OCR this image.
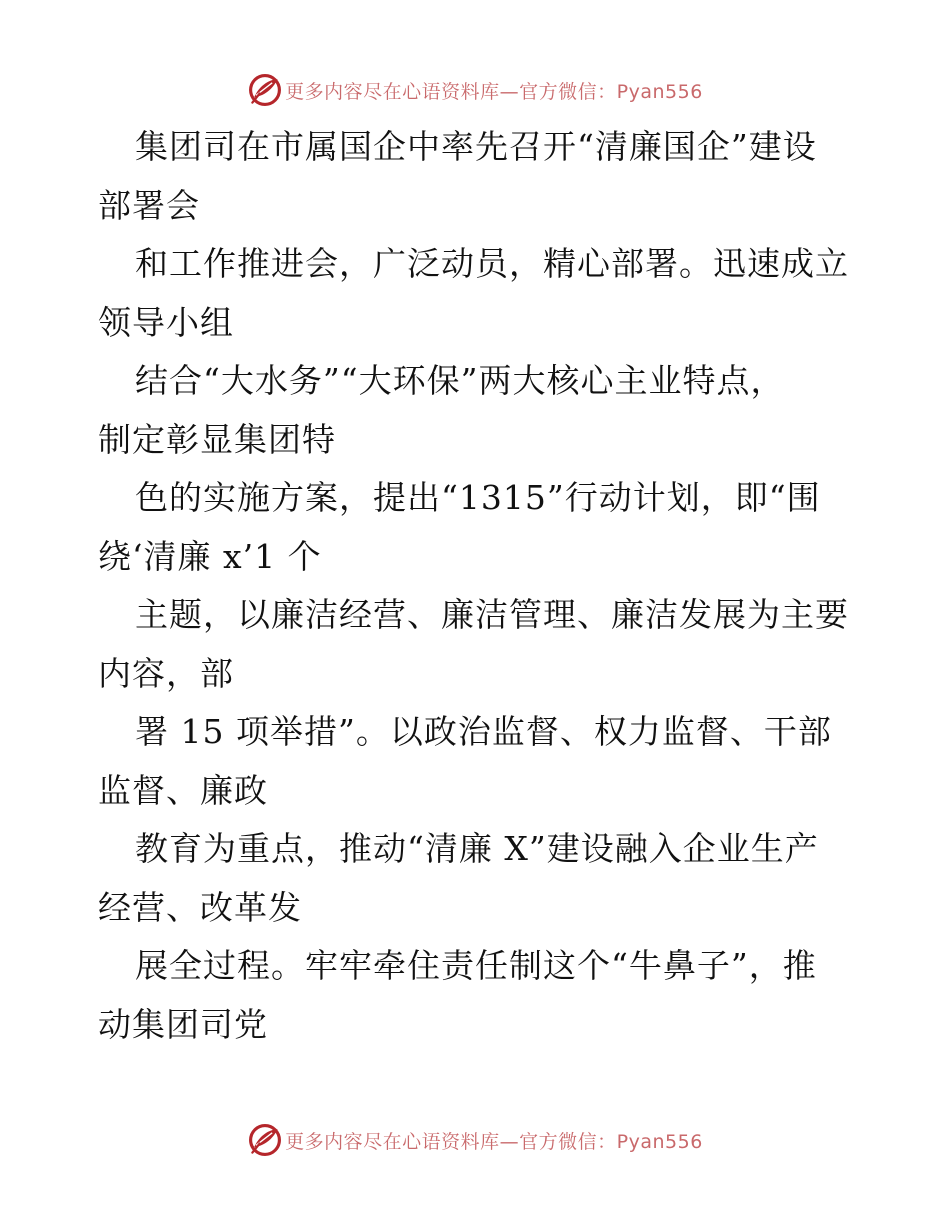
更多内容尽在心语资料库—官方微信：Pyan556
集团司在市属国企中率先召开“清廉国企”建设
部署会
和工作推进会，广泛动员，精心部署。迅速成立
领导小组
结合“大水务”“大环保”两大核心主业特点，
制定彰显集团特
色的实施方案，提出“1315”行动计划，即“围
绕‘清廉 x’1 个
主题，以廉洁经营、廉洁管理、廉洁发展为主要
内容，部
署 15 项举措”。以政治监督、权力监督、干部
监督、廉政
教育为重点，推动“清廉 X”建设融入企业生产
经营、改革发
展全过程。牢牢牵住责任制这个“牛鼻子”，推
动集团司党
更多内容尽在心语资料库—官方微信：Pyan556
